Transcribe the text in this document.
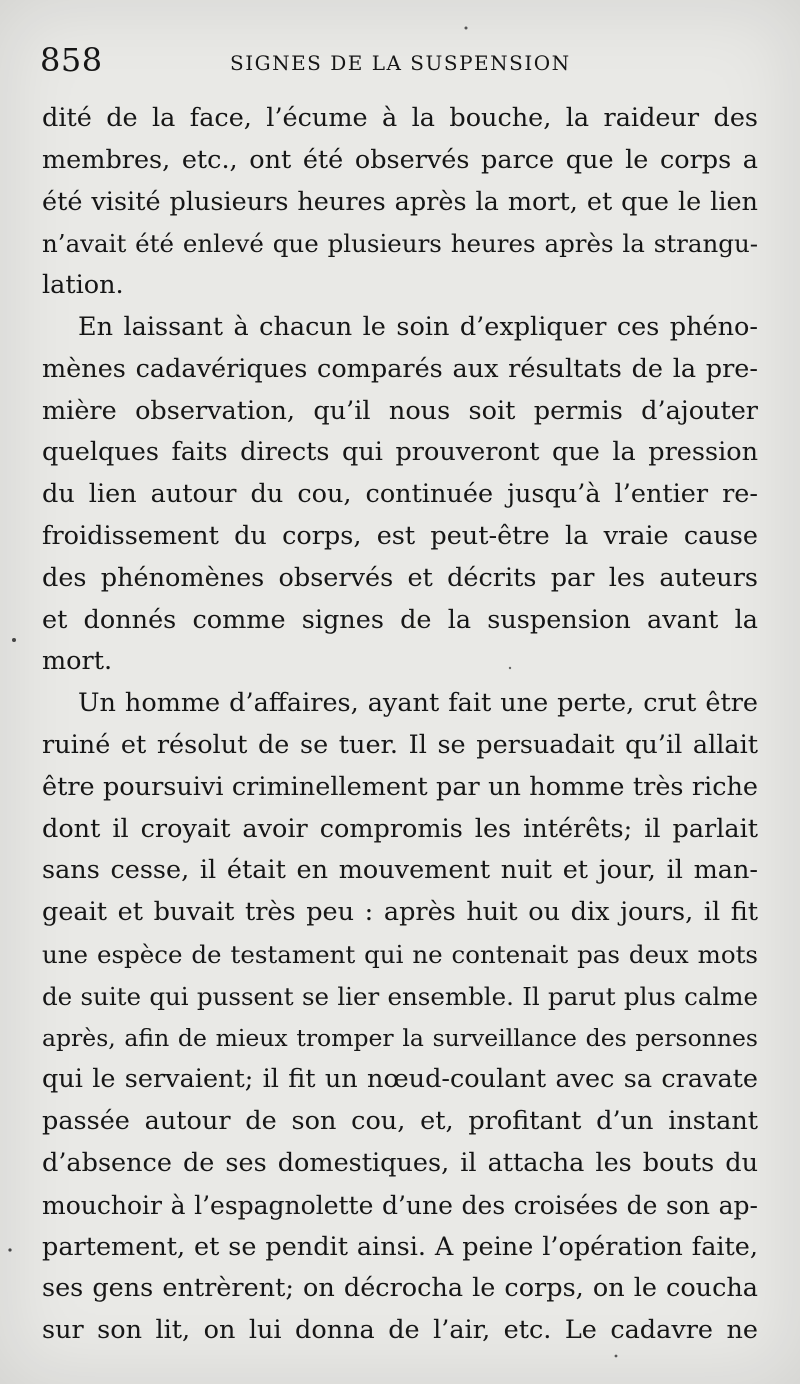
858	SIGNES DE LA SUSPENSION
dité de la face, l’écume à la bouche, la raideur des
membres, etc., ont été observés parce que le corps a
été visité plusieurs heures après la mort, et que le lien
n’avait été enlevé que plusieurs heures après la strangu-
lation.
En laissant à chacun le soin d’expliquer ces phéno-
mènes cadavériques comparés aux résultats de la pre-
mière observation, qu’il nous soit permis d’ajouter
quelques faits directs qui prouveront que la pression
du lien autour du cou, continuée jusqu’à l’entier re-
froidissement du corps, est peut-être la vraie cause
des phénomènes observés et décrits par les auteurs
et donnés comme signes de la suspension avant la
mort.
Un homme d’affaires, ayant fait une perte, crut être
ruiné et résolut de se tuer. Il se persuadait qu’il allait
être poursuivi criminellement par un homme très riche
dont il croyait avoir compromis les intérêts; il parlait
sans cesse, il était en mouvement nuit et jour, il man-
geait et buvait très peu : après huit ou dix jours, il fit
une espèce de testament qui ne contenait pas deux mots
de suite qui pussent se lier ensemble. Il parut plus calme
après, afin de mieux tromper la surveillance des personnes
qui le servaient; il fit un nœud-coulant avec sa cravate
passée autour de son cou, et, profitant d’un instant
d’absence de ses domestiques, il attacha les bouts du
mouchoir à l’espagnolette d’une des croisées de son ap-
partement, et se pendit ainsi. A peine l’opération faite,
ses gens entrèrent; on décrocha le corps, on le coucha
sur son lit, on lui donna de l’air, etc. Le cadavre ne
